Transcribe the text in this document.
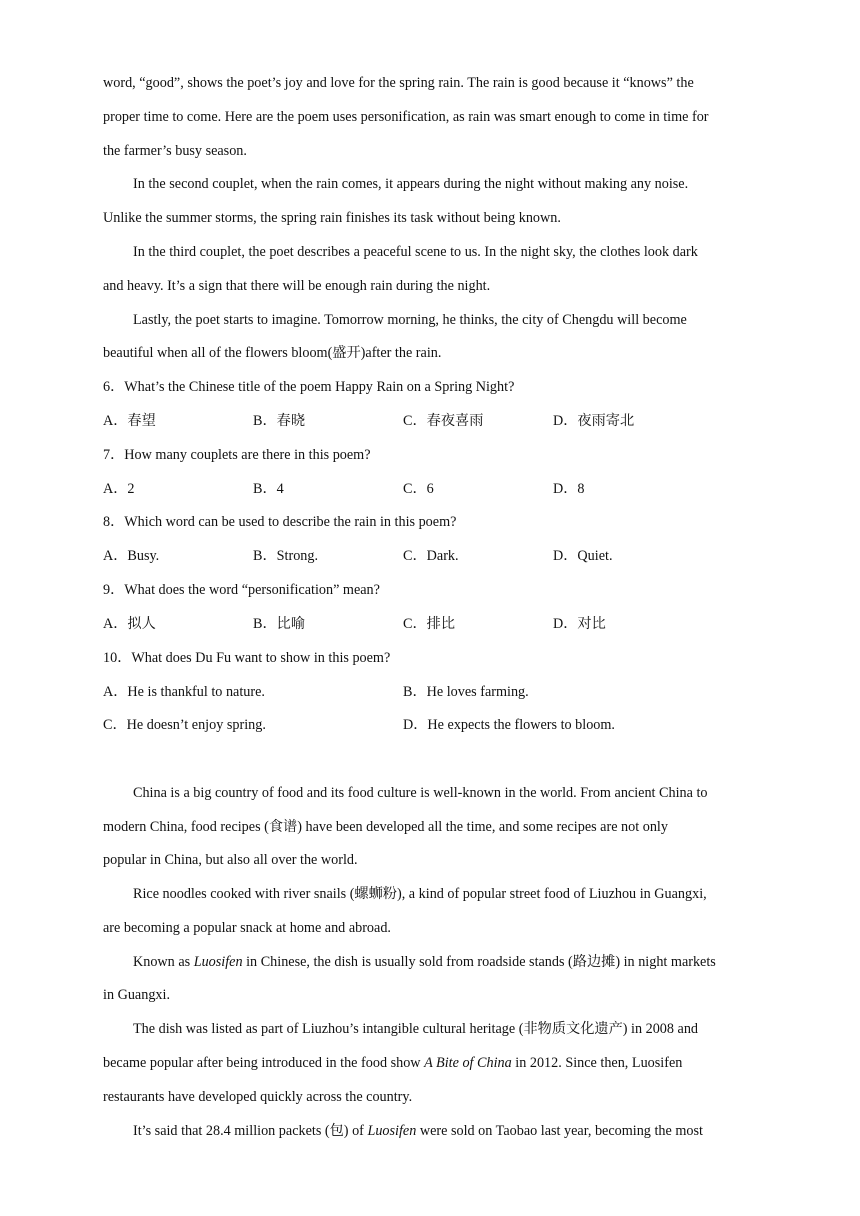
word, “good”, shows the poet’s joy and love for the spring rain. The rain is good because it “knows” the
proper time to come. Here are the poem uses personification, as rain was smart enough to come in time for
the farmer’s busy season.
In the second couplet, when the rain comes, it appears during the night without making any noise.
Unlike the summer storms, the spring rain finishes its task without being known.
In the third couplet, the poet describes a peaceful scene to us. In the night sky, the clothes look dark
and heavy. It’s a sign that there will be enough rain during the night.
Lastly, the poet starts to imagine. Tomorrow morning, he thinks, the city of Chengdu will become
beautiful when all of the flowers bloom(盛开)after the rain.
6．What’s the Chinese title of the poem Happy Rain on a Spring Night?
A．春望	B．春晓	C．春夜喜雨	D．夜雨寄北
7．How many couplets are there in this poem?
A．2	B．4	C．6	D．8
8．Which word can be used to describe the rain in this poem?
A．Busy.	B．Strong.	C．Dark.	D．Quiet.
9．What does the word “personification” mean?
A．拟人	B．比喻	C．排比	D．对比
10．What does Du Fu want to show in this poem?
A．He is thankful to nature.	B．He loves farming.
C．He doesn’t enjoy spring.	D．He expects the flowers to bloom.
China is a big country of food and its food culture is well-known in the world. From ancient China to
modern China, food recipes (食谱) have been developed all the time, and some recipes are not only
popular in China, but also all over the world.
Rice noodles cooked with river snails (螺蛳粉), a kind of popular street food of Liuzhou in Guangxi,
are becoming a popular snack at home and abroad.
Known as Luosifen in Chinese, the dish is usually sold from roadside stands (路边摊) in night markets
in Guangxi.
The dish was listed as part of Liuzhou’s intangible cultural heritage (非物质文化遗产) in 2008 and
became popular after being introduced in the food show A Bite of China in 2012. Since then, Luosifen
restaurants have developed quickly across the country.
It’s said that 28.4 million packets (包) of Luosifen were sold on Taobao last year, becoming the most
